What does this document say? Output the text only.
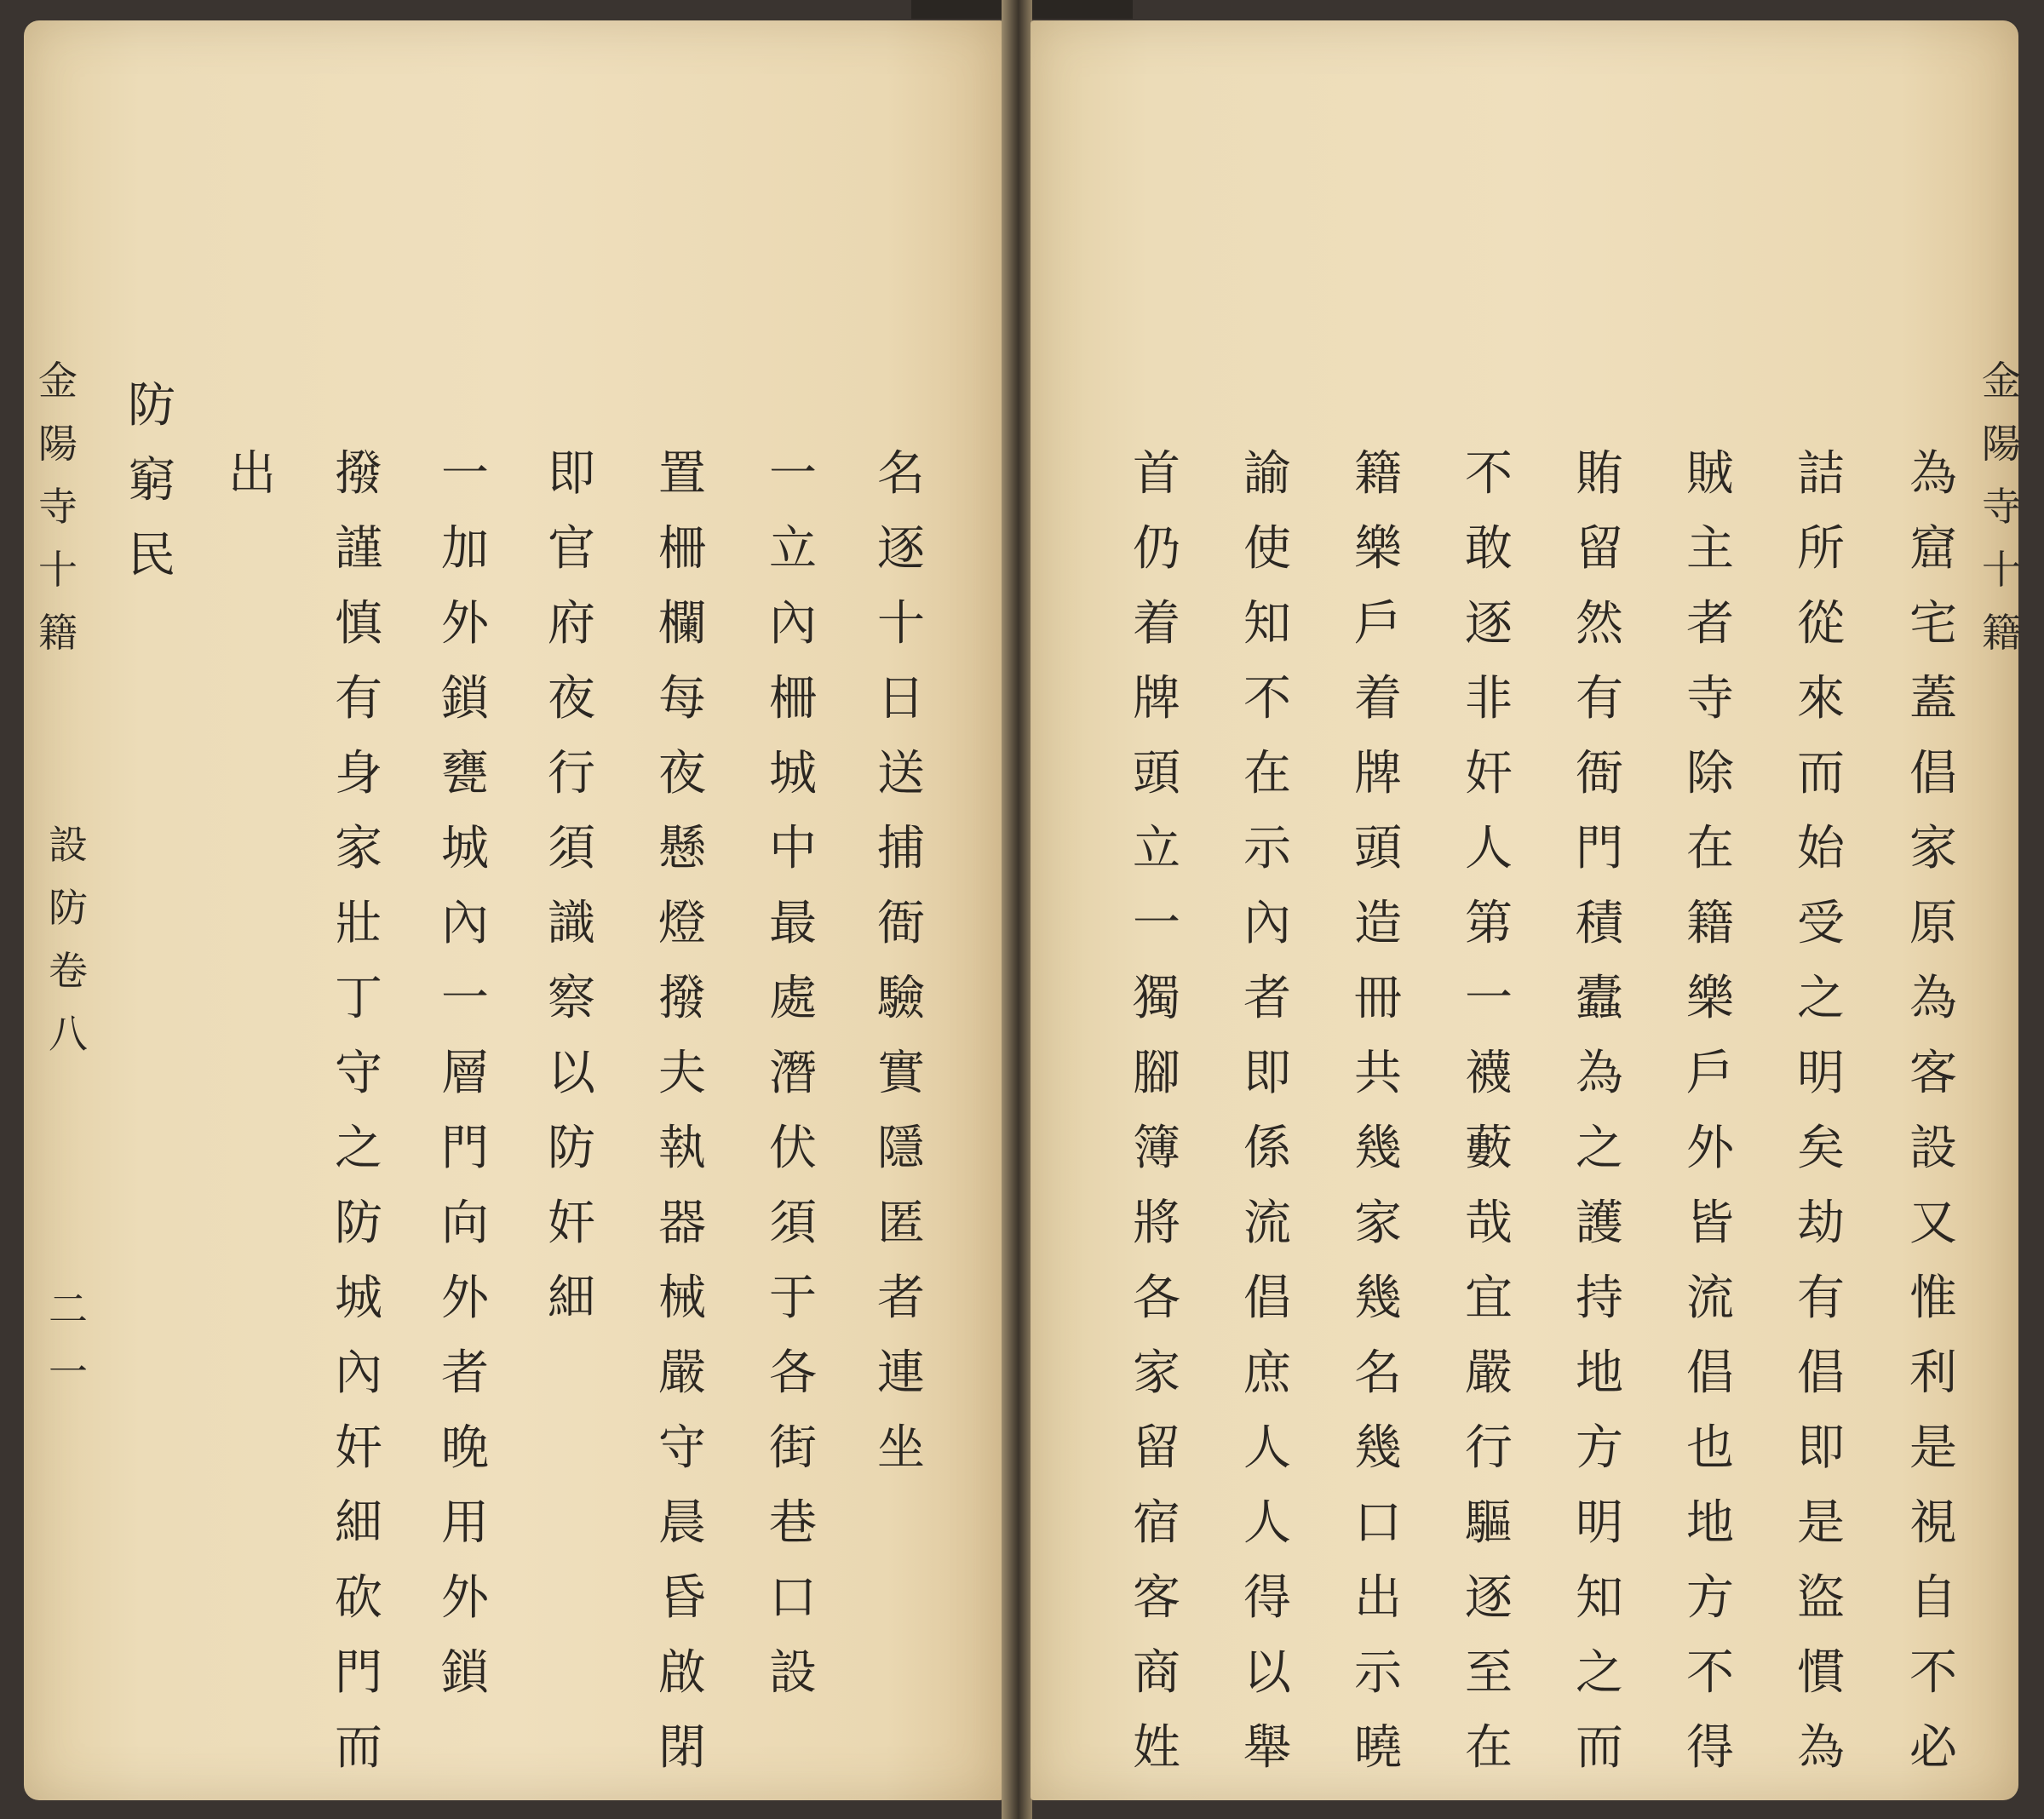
金
陽
寺
十
籍
設
防
卷
八
二
一
防
窮
民
出 撥
謹
慎
有
身
家
壯
丁
守
之
防
城
內
奸
細
砍
門
而
一
加
外
鎖
甕
城
內
一
層
門
向
外
者
晚
用
外
鎖
即
官
府
夜
行
須
識
察
以
防
奸
細
置
柵
欄
每
夜
懸
燈
撥
夫
執
器
械
嚴
守
晨
昏
啟
閉
一
立
內
柵
城
中
最
處
潛
伏
須
于
各
街
巷
口
設
名
逐
十
日
送
捕
衙
驗
實
隱
匿
者
連
坐
首
仍
着
牌
頭
立
一
獨
腳
簿
將
各
家
留
宿
客
商
姓
諭
使
知
不
在
示
內
者
即
係
流
倡
庶
人
人
得
以
舉
籍
樂
戶
着
牌
頭
造
冊
共
幾
家
幾
名
幾
口
出
示
曉
不
敢
逐
非
奸
人
第
一
襪
藪
哉
宜
嚴
行
驅
逐
至
在
賄
留
然
有
衙
門
積
蠹
為
之
護
持
地
方
明
知
之
而
賊
主
者
寺
除
在
籍
樂
戶
外
皆
流
倡
也
地
方
不
得
詰
所
從
來
而
始
受
之
明
矣
劫
有
倡
即
是
盜
慣
為
為
窟
宅
蓋
倡
家
原
為
客
設
又
惟
利
是
視
自
不
必
金
陽
寺
十
籍
